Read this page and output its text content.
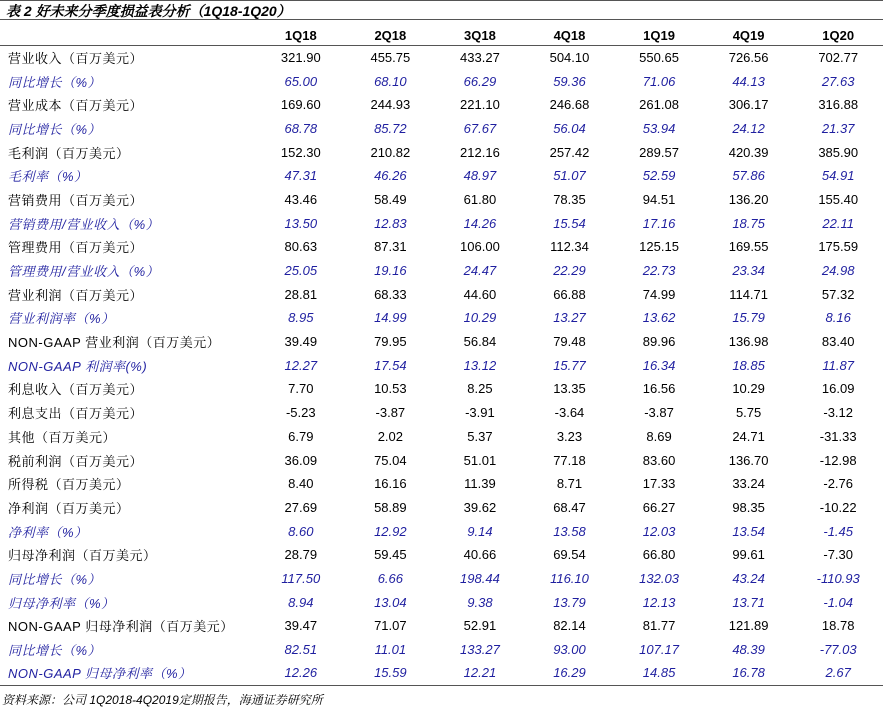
表 2 好未来分季度损益表分析（1Q18-1Q20）
	1Q18	2Q18	3Q18	4Q18	1Q19	4Q19	1Q20
营业收入（百万美元）	321.90	455.75	433.27	504.10	550.65	726.56	702.77
同比增长（%）	65.00	68.10	66.29	59.36	71.06	44.13	27.63
营业成本（百万美元）	169.60	244.93	221.10	246.68	261.08	306.17	316.88
同比增长（%）	68.78	85.72	67.67	56.04	53.94	24.12	21.37
毛利润（百万美元）	152.30	210.82	212.16	257.42	289.57	420.39	385.90
毛利率（%）	47.31	46.26	48.97	51.07	52.59	57.86	54.91
营销费用（百万美元）	43.46	58.49	61.80	78.35	94.51	136.20	155.40
营销费用/营业收入（%）	13.50	12.83	14.26	15.54	17.16	18.75	22.11
管理费用（百万美元）	80.63	87.31	106.00	112.34	125.15	169.55	175.59
管理费用/营业收入（%）	25.05	19.16	24.47	22.29	22.73	23.34	24.98
营业利润（百万美元）	28.81	68.33	44.60	66.88	74.99	114.71	57.32
营业利润率（%）	8.95	14.99	10.29	13.27	13.62	15.79	8.16
NON-GAAP 营业利润（百万美元）	39.49	79.95	56.84	79.48	89.96	136.98	83.40
NON-GAAP 利润率(%)	12.27	17.54	13.12	15.77	16.34	18.85	11.87
利息收入（百万美元）	7.70	10.53	8.25	13.35	16.56	10.29	16.09
利息支出（百万美元）	-5.23	-3.87	-3.91	-3.64	-3.87	5.75	-3.12
其他（百万美元）	6.79	2.02	5.37	3.23	8.69	24.71	-31.33
税前利润（百万美元）	36.09	75.04	51.01	77.18	83.60	136.70	-12.98
所得税（百万美元）	8.40	16.16	11.39	8.71	17.33	33.24	-2.76
净利润（百万美元）	27.69	58.89	39.62	68.47	66.27	98.35	-10.22
净利率（%）	8.60	12.92	9.14	13.58	12.03	13.54	-1.45
归母净利润（百万美元）	28.79	59.45	40.66	69.54	66.80	99.61	-7.30
同比增长（%）	117.50	6.66	198.44	116.10	132.03	43.24	-110.93
归母净利率（%）	8.94	13.04	9.38	13.79	12.13	13.71	-1.04
NON-GAAP 归母净利润（百万美元）	39.47	71.07	52.91	82.14	81.77	121.89	18.78
同比增长（%）	82.51	11.01	133.27	93.00	107.17	48.39	-77.03
NON-GAAP 归母净利率（%）	12.26	15.59	12.21	16.29	14.85	16.78	2.67
资料来源：公司 1Q2018-4Q2019定期报告，海通证券研究所
